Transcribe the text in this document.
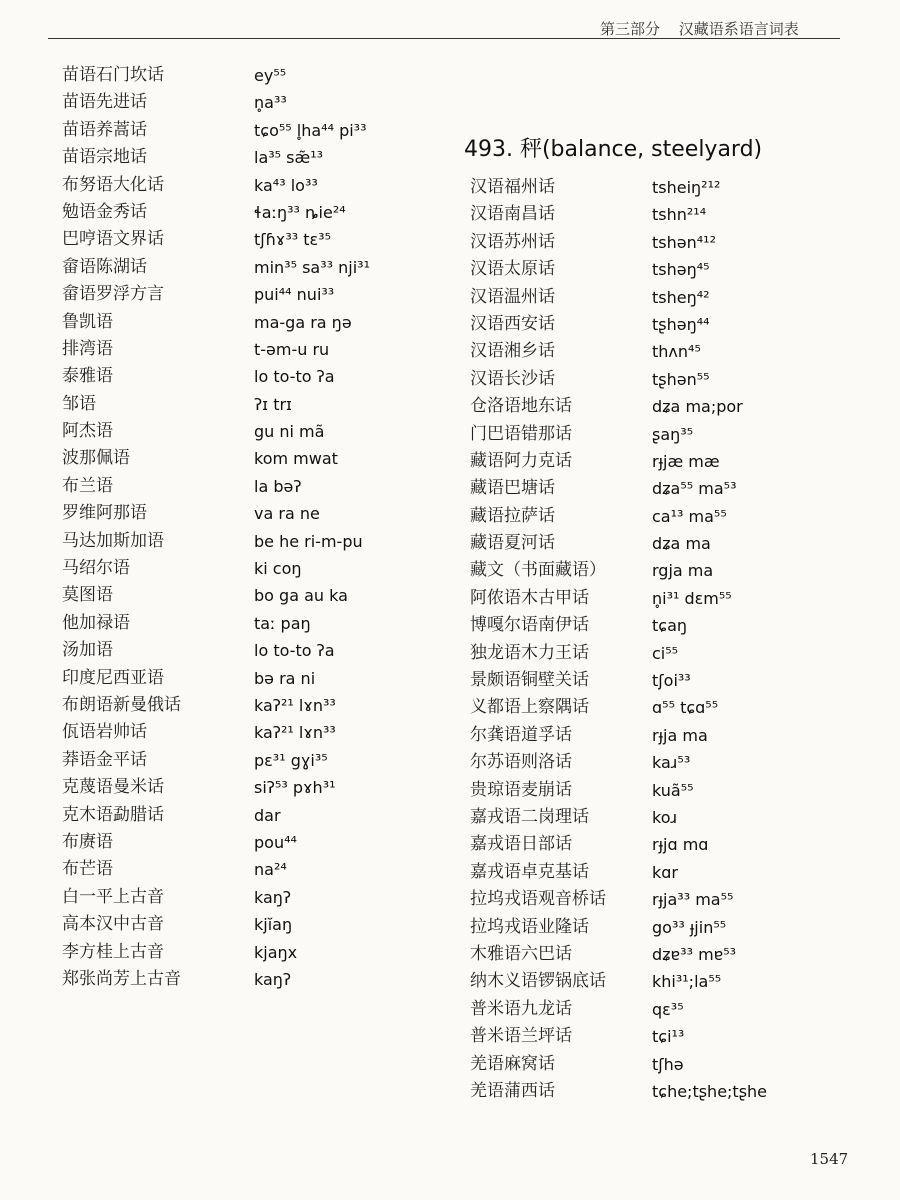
第三部分 汉藏语系语言词表
苗语石门坎话	ey⁵⁵
苗语先进话	n̥a³³
苗语养蒿话	tɕo⁵⁵ l̥ha⁴⁴ pi³³
苗语宗地话	la³⁵ sæ̃¹³
布努语大化话	ka⁴³ lo³³
勉语金秀话	ɬaːŋ³³ ȵie²⁴
巴哼语文界话	tʃɦɤ³³ tɛ³⁵
畲语陈湖话	min³⁵ sa³³ nji³¹
畲语罗浮方言	pui⁴⁴ nui³³
鲁凯语	ma-ga ra ŋə
排湾语	t-əm-u ru
泰雅语	lo to-to ʔa
邹语	ʔɪ trɪ
阿杰语	gu ni mã
波那佩语	kom mwat
布兰语	la bəʔ
罗维阿那语	va ra ne
马达加斯加语	be he ri-m-pu
马绍尔语	ki coŋ
莫图语	bo ga au ka
他加禄语	taː paŋ
汤加语	lo to-to ʔa
印度尼西亚语	bə ra ni
布朗语新曼俄话	kaʔ²¹ lɤn³³
佤语岩帅话	kaʔ²¹ lɤn³³
莽语金平话	pɛ³¹ gɣi³⁵
克蔑语曼米话	siʔ⁵³ pɤh³¹
克木语勐腊话	dar
布赓语	pou⁴⁴
布芒语	na²⁴
白一平上古音	kaŋʔ
高本汉中古音	kjĭaŋ
李方桂上古音	kjaŋx
郑张尚芳上古音	kaŋʔ
493. 秤(balance, steelyard)
汉语福州话	tsheiŋ²¹²
汉语南昌话	tshn²¹⁴
汉语苏州话	tshən⁴¹²
汉语太原话	tshəŋ⁴⁵
汉语温州话	tsheŋ⁴²
汉语西安话	tʂhəŋ⁴⁴
汉语湘乡话	thʌn⁴⁵
汉语长沙话	tʂhən⁵⁵
仓洛语地东话	dʑa ma;por
门巴语错那话	ʂaŋ³⁵
藏语阿力克话	rɟjæ mæ
藏语巴塘话	dʑa⁵⁵ ma⁵³
藏语拉萨话	ca¹³ ma⁵⁵
藏语夏河话	dʑa ma
藏文（书面藏语）	rgja ma
阿侬语木古甲话	n̥i³¹ dɛm⁵⁵
博嘎尔语南伊话	tɕaŋ
独龙语木力王话	ci⁵⁵
景颇语铜壁关话	tʃoi³³
义都语上察隅话	ɑ⁵⁵ tɕɑ⁵⁵
尔龚语道孚话	rɟja ma
尔苏语则洛话	kaɹ⁵³
贵琼语麦崩话	kuã⁵⁵
嘉戎语二岗理话	koɹ
嘉戎语日部话	rɟjɑ mɑ
嘉戎语卓克基话	kɑr
拉坞戎语观音桥话	rɟja³³ ma⁵⁵
拉坞戎语业隆话	go³³ ɟjin⁵⁵
木雅语六巴话	dʑɐ³³ mɐ⁵³
纳木义语锣锅底话	khi³¹;la⁵⁵
普米语九龙话	qɛ³⁵
普米语兰坪话	tɕi¹³
羌语麻窝话	tʃhə
羌语蒲西话	tɕhe;tʂhe;tʂhe
1547
